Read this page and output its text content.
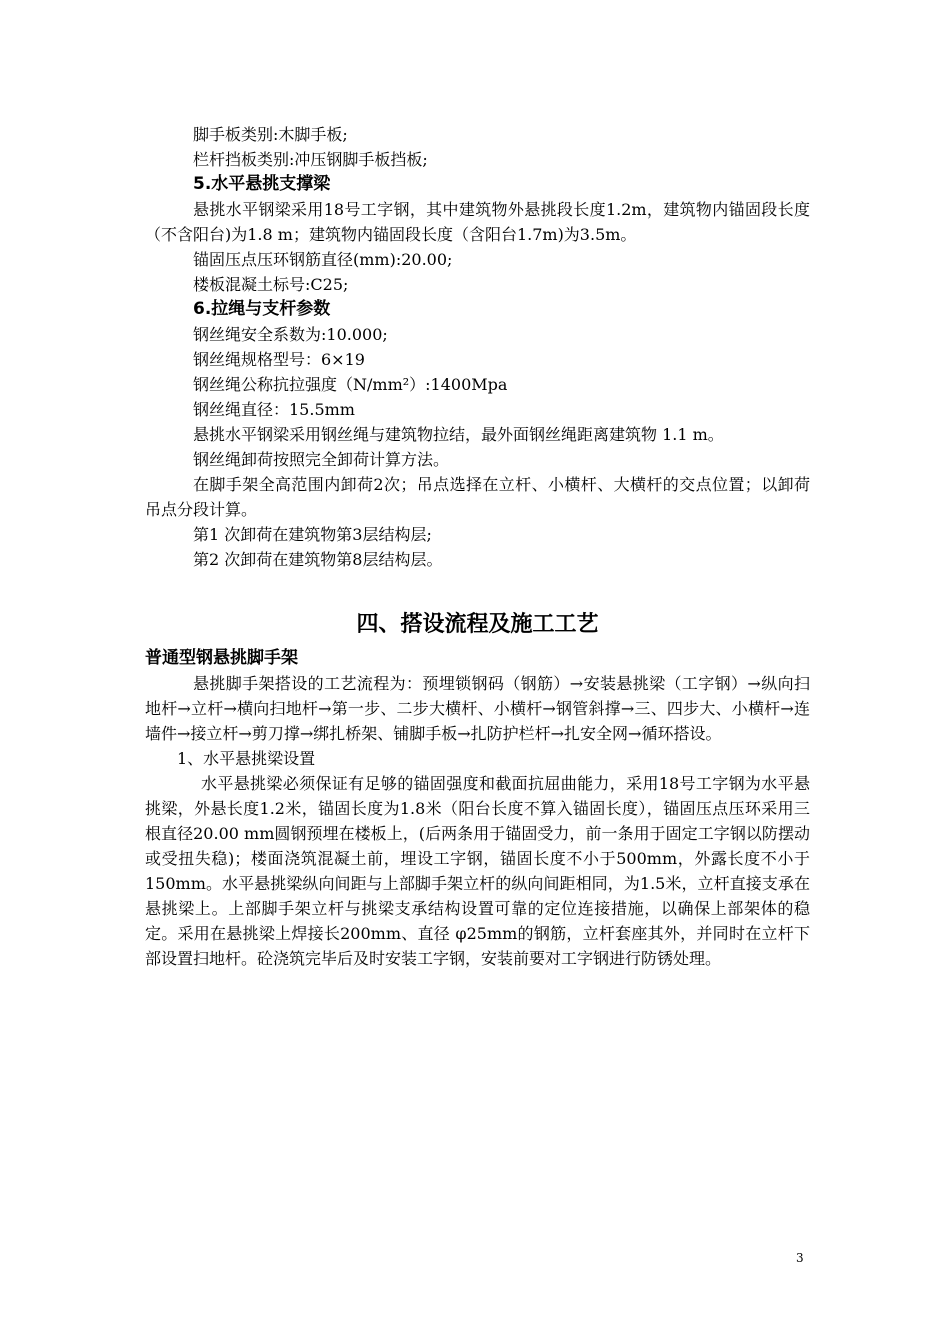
脚手板类别:木脚手板;
栏杆挡板类别:冲压钢脚手板挡板;
5.水平悬挑支撑梁
悬挑水平钢梁采用18号工字钢，其中建筑物外悬挑段长度1.2m，建筑物内锚固段长度（不含阳台)为1.8 m；建筑物内锚固段长度（含阳台1.7m)为3.5m。
锚固压点压环钢筋直径(mm):20.00;
楼板混凝土标号:C25;
6.拉绳与支杆参数
钢丝绳安全系数为:10.000;
钢丝绳规格型号：6×19
钢丝绳公称抗拉强度（N/mm²）:1400Mpa
钢丝绳直径：15.5mm
悬挑水平钢梁采用钢丝绳与建筑物拉结，最外面钢丝绳距离建筑物 1.1 m。
钢丝绳卸荷按照完全卸荷计算方法。
在脚手架全高范围内卸荷2次；吊点选择在立杆、小横杆、大横杆的交点位置；以卸荷吊点分段计算。
第1 次卸荷在建筑物第3层结构层;
第2 次卸荷在建筑物第8层结构层。
四、搭设流程及施工工艺
普通型钢悬挑脚手架
悬挑脚手架搭设的工艺流程为：预埋锁钢码（钢筋）→安装悬挑梁（工字钢）→纵向扫地杆→立杆→横向扫地杆→第一步、二步大横杆、小横杆→钢管斜撑→三、四步大、小横杆→连墙件→接立杆→剪刀撑→绑扎桥架、铺脚手板→扎防护栏杆→扎安全网→循环搭设。
1、水平悬挑梁设置
水平悬挑梁必须保证有足够的锚固强度和截面抗屈曲能力，采用18号工字钢为水平悬挑梁，外悬长度1.2米，锚固长度为1.8米（阳台长度不算入锚固长度），锚固压点压环采用三根直径20.00 mm圆钢预埋在楼板上，(后两条用于锚固受力，前一条用于固定工字钢以防摆动或受扭失稳)；楼面浇筑混凝土前，埋设工字钢，锚固长度不小于500mm，外露长度不小于150mm。水平悬挑梁纵向间距与上部脚手架立杆的纵向间距相同，为1.5米，立杆直接支承在悬挑梁上。上部脚手架立杆与挑梁支承结构设置可靠的定位连接措施，以确保上部架体的稳定。采用在悬挑梁上焊接长200mm、直径 φ25mm的钢筋，立杆套座其外，并同时在立杆下部设置扫地杆。砼浇筑完毕后及时安装工字钢，安装前要对工字钢进行防锈处理。
3
